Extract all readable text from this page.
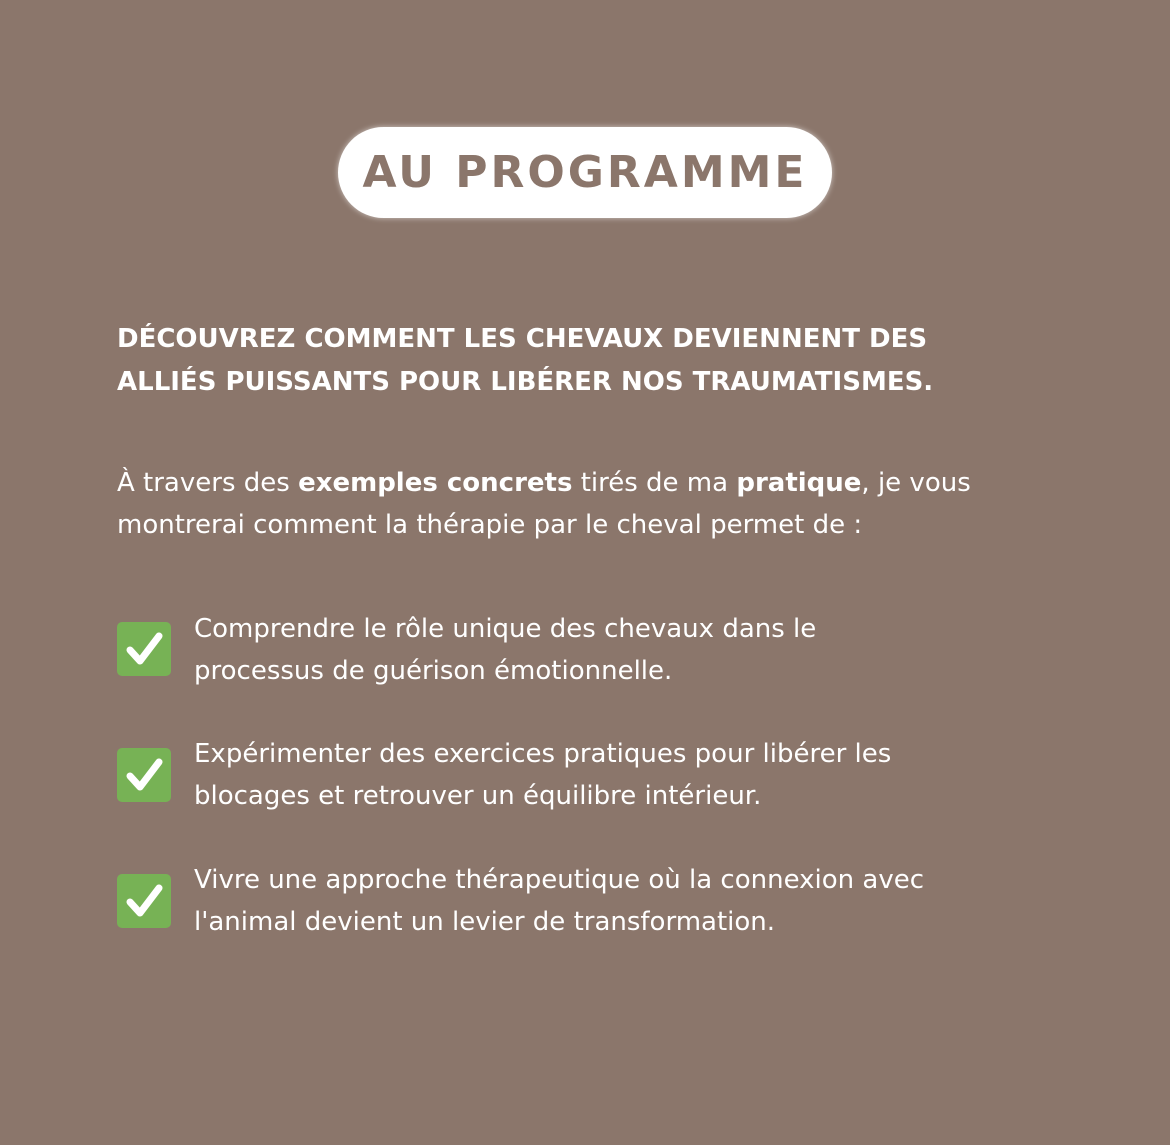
AU PROGRAMME

DÉCOUVREZ COMMENT LES CHEVAUX DEVIENNENT DES
ALLIÉS PUISSANTS POUR LIBÉRER NOS TRAUMATISMES.

À travers des exemples concrets tirés de ma pratique, je vous
montrerai comment la thérapie par le cheval permet de :

Comprendre le rôle unique des chevaux dans le
processus de guérison émotionnelle.

Expérimenter des exercices pratiques pour libérer les
blocages et retrouver un équilibre intérieur.

Vivre une approche thérapeutique où la connexion avec
l'animal devient un levier de transformation.
